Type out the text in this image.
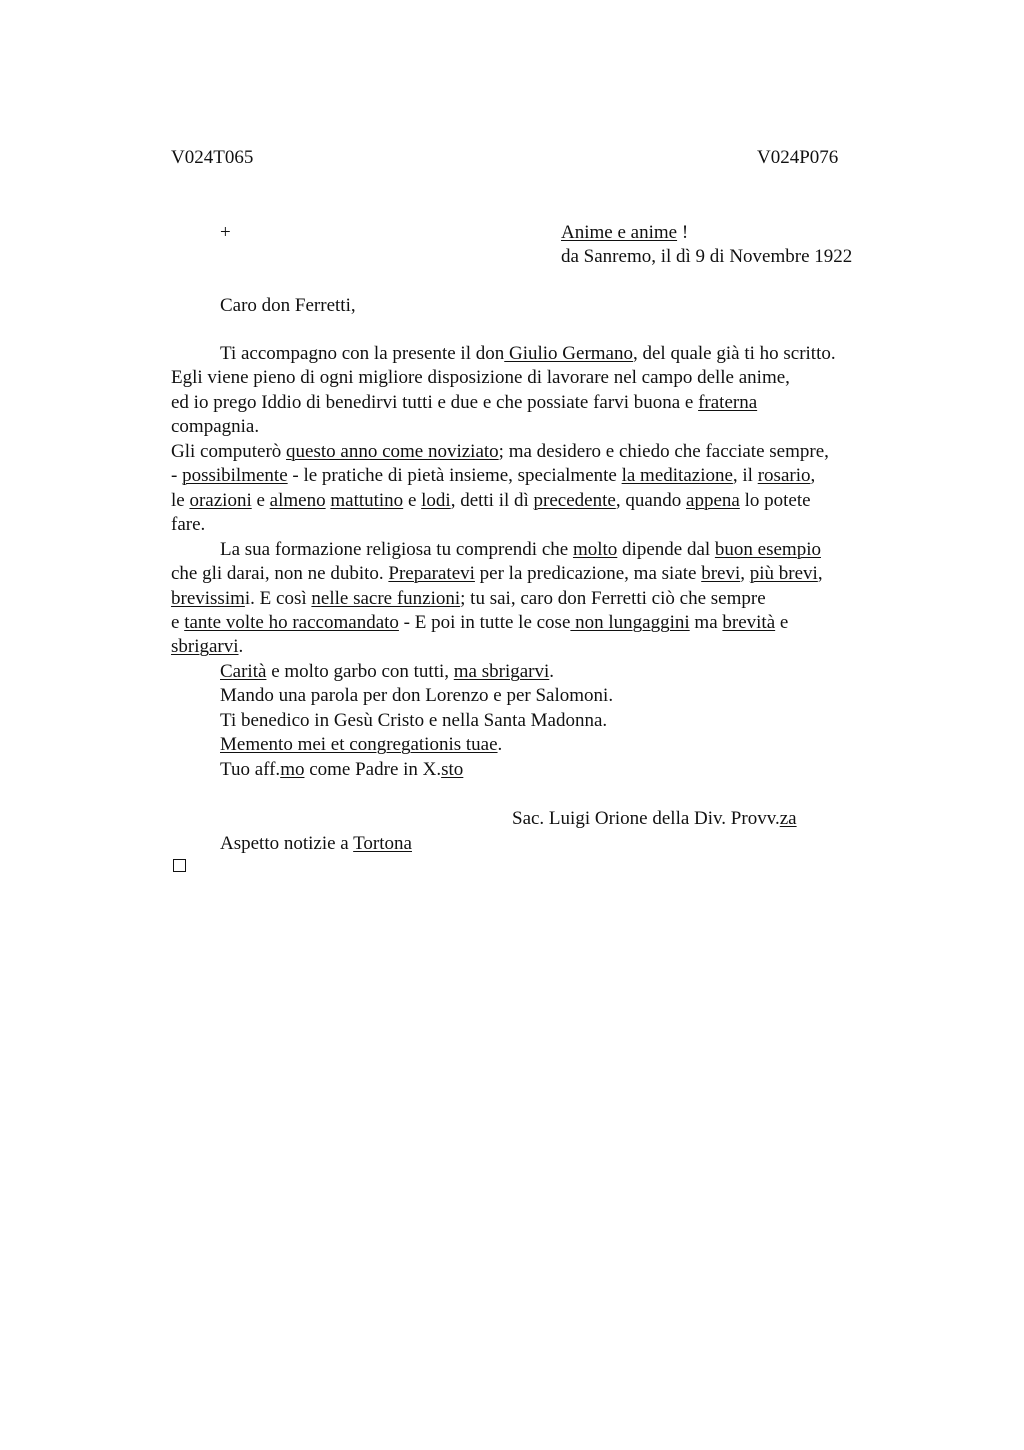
V024T065	V024P076

+	Anime e anime !

da Sanremo, il dì 9 di Novembre 1922

Caro don Ferretti,

Ti accompagno con la presente il don Giulio Germano, del quale già ti ho scritto.

Egli viene pieno di ogni migliore disposizione di lavorare nel campo delle anime,

ed io prego Iddio di benedirvi tutti e due e che possiate farvi buona e fraterna

compagnia.

Gli computerò questo anno come noviziato; ma desidero e chiedo che facciate sempre,

- possibilmente - le pratiche di pietà insieme, specialmente la meditazione, il rosario,

le orazioni e almeno mattutino e lodi, detti il dì precedente, quando appena lo potete

fare.

La sua formazione religiosa tu comprendi che molto dipende dal buon esempio

che gli darai, non ne dubito. Preparatevi per la predicazione, ma siate brevi, più brevi,

brevissimi. E così nelle sacre funzioni; tu sai, caro don Ferretti ciò che sempre

e tante volte ho raccomandato - E poi in tutte le cose non lungaggini ma brevità e

sbrigarvi.

Carità e molto garbo con tutti, ma sbrigarvi.

Mando una parola per don Lorenzo e per Salomoni.

Ti benedico in Gesù Cristo e nella Santa Madonna.

Memento mei et congregationis tuae.

Tuo aff.mo come Padre in X.sto

Sac. Luigi Orione della Div. Provv.za

Aspetto notizie a Tortona
